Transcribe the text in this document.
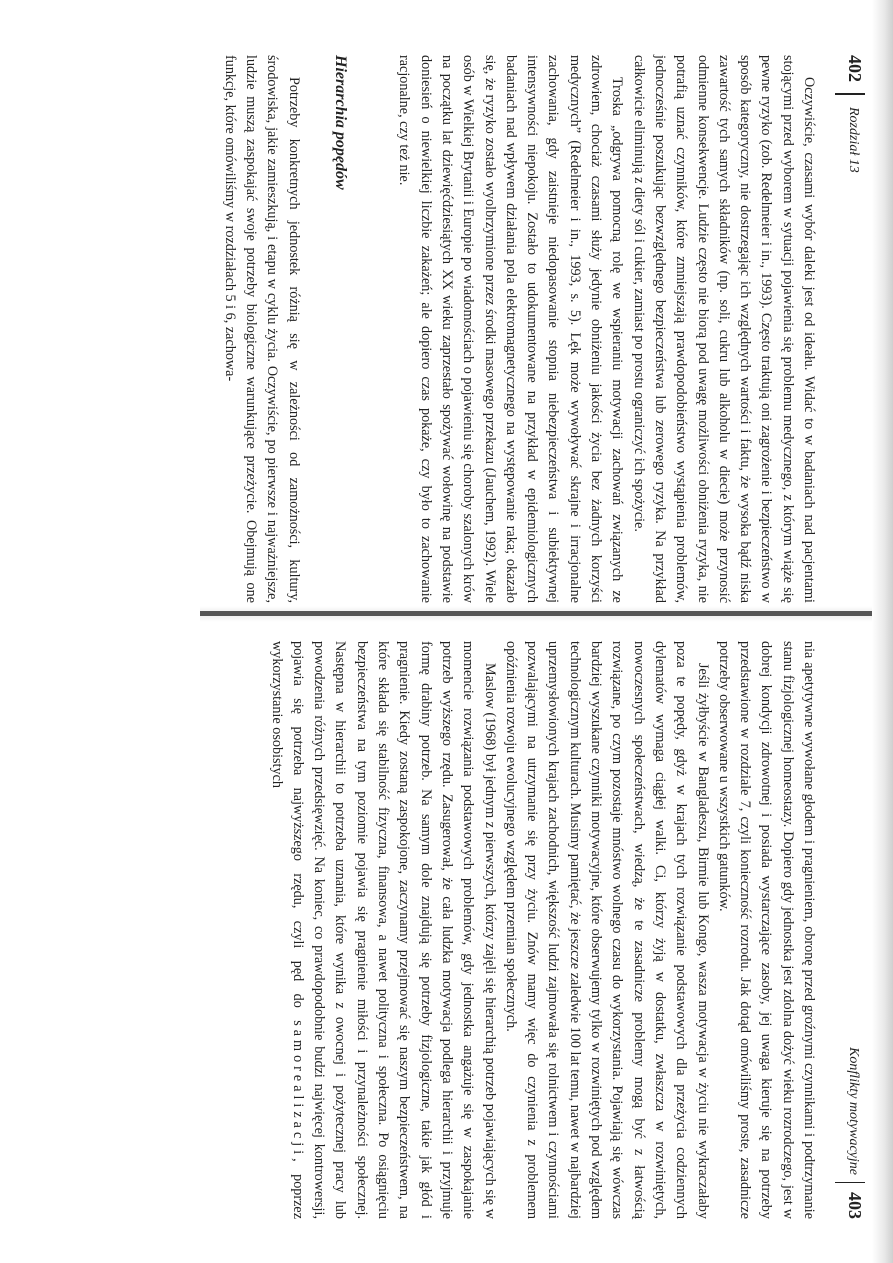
402
Rozdział 13

Oczywiście, czasami wybór daleki jest od ideału. Widać to w badaniach nad pacjentami stojącymi przed wyborem w sytuacji pojawienia się problemu medycznego, z którym wiąże się pewne ryzyko (zob. Redelmeier i in., 1993). Często traktują oni zagrożenie i bezpieczeństwo w sposób kategoryczny, nie dostrzegając ich względnych wartości i faktu, że wysoka bądź niska zawartość tych samych składników (np. soli, cukru lub alkoholu w diecie) może przynosić odmienne konsekwencje. Ludzie często nie biorą pod uwagę możliwości obniżenia ryzyka, nie potrafią uznać czynników, które zmniejszają prawdopodobieństwo wystąpienia problemów, jednocześnie poszukując bezwzględnego bezpieczeństwa lub zerowego ryzyka. Na przykład całkowicie eliminują z diety sól i cukier, zamiast po prostu ograniczyć ich spożycie.

Troska „odgrywa pomocną rolę we wspieraniu motywacji zachowań związanych ze zdrowiem, chociaż czasami służy jedynie obniżeniu jakości życia bez żadnych korzyści medycznych” (Redelmeier i in., 1993, s. 5). Lęk może wywoływać skrajne i irracjonalne zachowania, gdy zaistnieje niedopasowanie stopnia niebezpieczeństwa i subiektywnej intensywności niepokoju. Zostało to udokumentowane na przykład w epidemiologicznych badaniach nad wpływem działania pola elektromagnetycznego na występowanie raka; okazało się, że ryzyko zostało wyolbrzymione przez środki masowego przekazu (Jauchem, 1992). Wiele osób w Wielkiej Brytanii i Europie po wiadomościach o pojawieniu się choroby szalonych krów na początku lat dziewięćdziesiątych XX wieku zaprzestało spożywać wołowinę na podstawie doniesień o niewielkiej liczbie zakażeń; ale dopiero czas pokaże, czy było to zachowanie racjonalne, czy też nie.

Hierarchia popędów

Potrzeby konkretnych jednostek różnią się w zależności od zamożności, kultury, środowiska, jakie zamieszkują, i etapu w cyklu życia. Oczywiście, po pierwsze i najważniejsze, ludzie muszą zaspokajać swoje potrzeby biologiczne warunkujące przeżycie. Obejmują one funkcje, które omówiliśmy w rozdziałach 5 i 6, zachowa-

Konflikty motywacyjne
403

nia apetytywne wywołane głodem i pragnieniem, obronę przed groźnymi czynnikami i podtrzymanie stanu fizjologicznej homeostazy. Dopiero gdy jednostka jest zdolna dożyć wieku rozrodczego, jest w dobrej kondycji zdrowotnej i posiada wystarczające zasoby, jej uwaga kieruje się na potrzeby przedstawione w rozdziale 7, czyli konieczność rozrodu. Jak dotąd omówiliśmy proste, zasadnicze potrzeby obserwowane u wszystkich gatunków.

Jeśli żyłbyście w Bangladeszu, Birmie lub Kongo, wasza motywacja w życiu nie wykraczałaby poza te popędy, gdyż w krajach tych rozwiązanie podstawowych dla przeżycia codziennych dylematów wymaga ciągłej walki. Ci, którzy żyją w dostatku, zwłaszcza w rozwiniętych, nowoczesnych społeczeństwach, wiedzą, że te zasadnicze problemy mogą być z łatwością rozwiązane, po czym pozostaje mnóstwo wolnego czasu do wykorzystania. Pojawiają się wówczas bardziej wyszukane czynniki motywacyjne, które obserwujemy tylko w rozwiniętych pod względem technologicznym kulturach. Musimy pamiętać, że jeszcze zaledwie 100 lat temu, nawet w najbardziej uprzemysłowionych krajach zachodnich, większość ludzi zajmowała się rolnictwem i czynnościami pozwalającymi na utrzymanie się przy życiu. Znów mamy więc do czynienia z problemem opóźnienia rozwoju ewolucyjnego względem przemian społecznych.

Maslow (1968) był jednym z pierwszych, którzy zajęli się hierarchią potrzeb pojawiających się w momencie rozwiązania podstawowych problemów, gdy jednostka angażuje się w zaspokajanie potrzeb wyższego rzędu. Zasugerował, że cała ludzka motywacja podlega hierarchii i przyjmuje formę drabiny potrzeb. Na samym dole znajdują się potrzeby fizjologiczne, takie jak głód i pragnienie. Kiedy zostaną zaspokojone, zaczynamy przejmować się naszym bezpieczeństwem, na które składa się stabilność fizyczna, finansowa, a nawet polityczna i społeczna. Po osiągnięciu bezpieczeństwa na tym poziomie pojawia się pragnienie miłości i przynależności społecznej. Następna w hierarchii to potrzeba uznania, które wynika z owocnej i pożytecznej pracy lub powodzenia różnych przedsięwzięć. Na koniec, co prawdopodobnie budzi najwięcej kontrowersji, pojawia się potrzeba najwyższego rzędu, czyli pęd do samorealizacji, poprzez wykorzystanie osobistych
